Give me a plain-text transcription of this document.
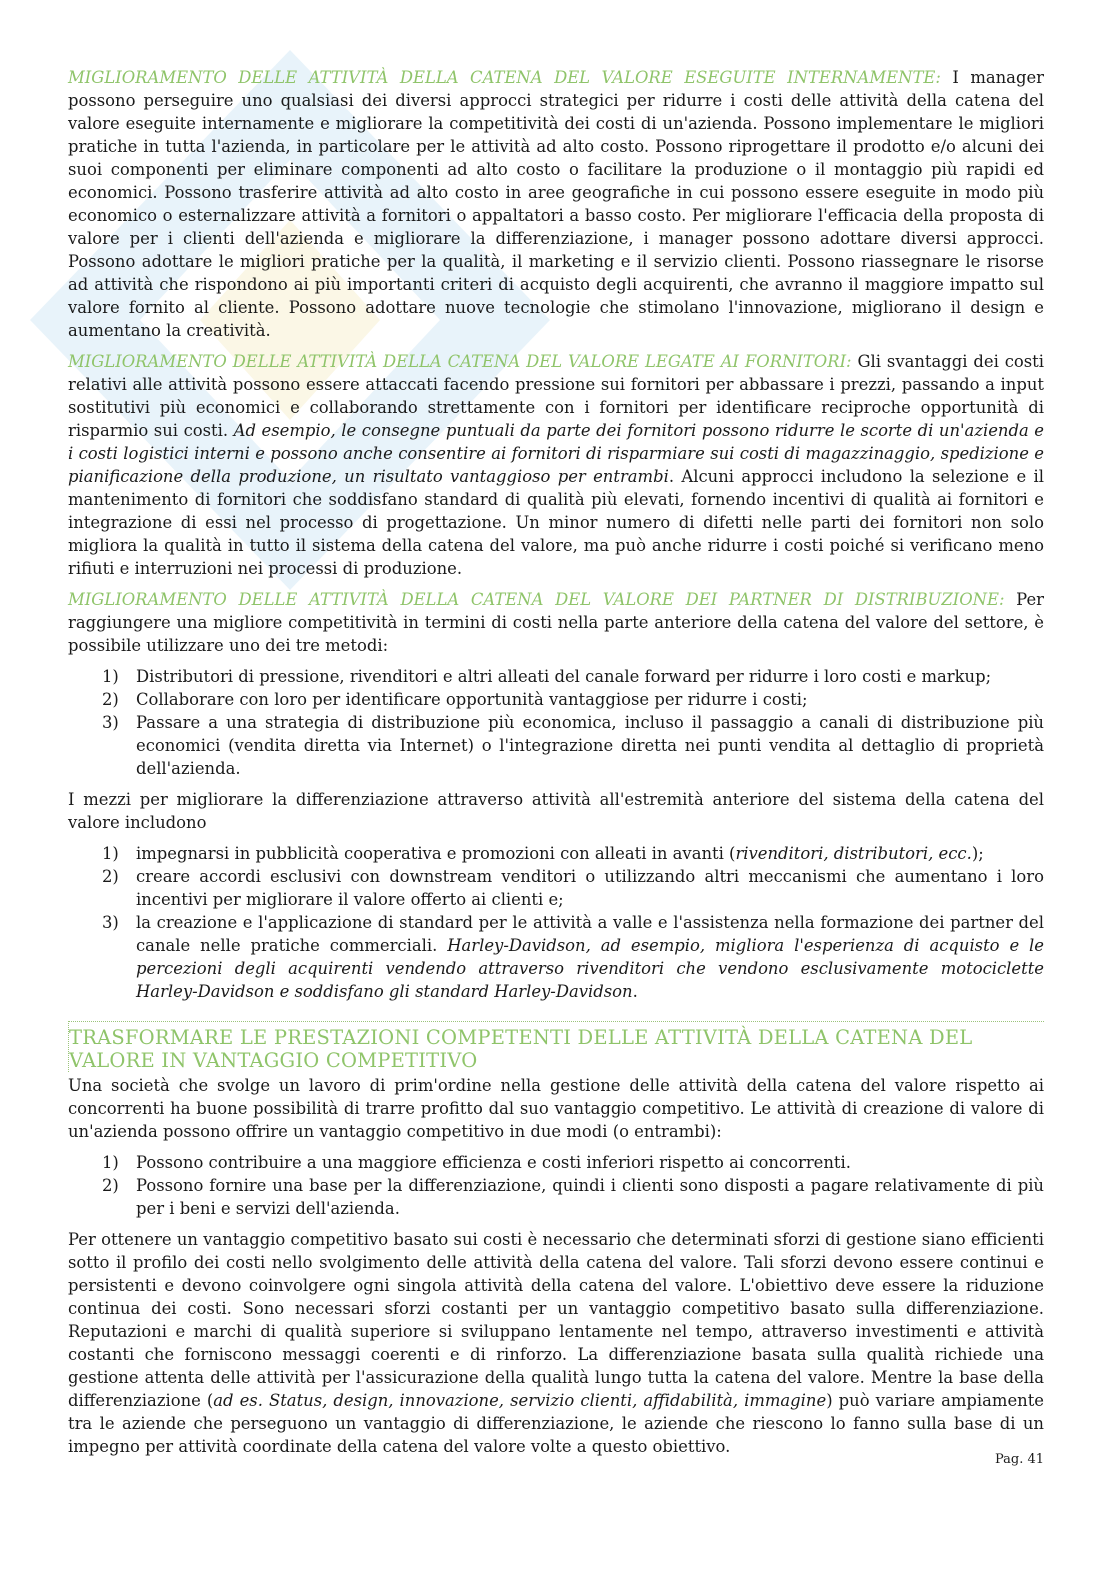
MIGLIORAMENTO DELLE ATTIVITÀ DELLA CATENA DEL VALORE ESEGUITE INTERNAMENTE: I manager possono perseguire uno qualsiasi dei diversi approcci strategici per ridurre i costi delle attività della catena del valore eseguite internamente e migliorare la competitività dei costi di un'azienda. Possono implementare le migliori pratiche in tutta l'azienda, in particolare per le attività ad alto costo. Possono riprogettare il prodotto e/o alcuni dei suoi componenti per eliminare componenti ad alto costo o facilitare la produzione o il montaggio più rapidi ed economici. Possono trasferire attività ad alto costo in aree geografiche in cui possono essere eseguite in modo più economico o esternalizzare attività a fornitori o appaltatori a basso costo. Per migliorare l'efficacia della proposta di valore per i clienti dell'azienda e migliorare la differenziazione, i manager possono adottare diversi approcci. Possono adottare le migliori pratiche per la qualità, il marketing e il servizio clienti. Possono riassegnare le risorse ad attività che rispondono ai più importanti criteri di acquisto degli acquirenti, che avranno il maggiore impatto sul valore fornito al cliente. Possono adottare nuove tecnologie che stimolano l'innovazione, migliorano il design e aumentano la creatività.

MIGLIORAMENTO DELLE ATTIVITÀ DELLA CATENA DEL VALORE LEGATE AI FORNITORI: Gli svantaggi dei costi relativi alle attività possono essere attaccati facendo pressione sui fornitori per abbassare i prezzi, passando a input sostitutivi più economici e collaborando strettamente con i fornitori per identificare reciproche opportunità di risparmio sui costi. Ad esempio, le consegne puntuali da parte dei fornitori possono ridurre le scorte di un'azienda e i costi logistici interni e possono anche consentire ai fornitori di risparmiare sui costi di magazzinaggio, spedizione e pianificazione della produzione, un risultato vantaggioso per entrambi. Alcuni approcci includono la selezione e il mantenimento di fornitori che soddisfano standard di qualità più elevati, fornendo incentivi di qualità ai fornitori e integrazione di essi nel processo di progettazione. Un minor numero di difetti nelle parti dei fornitori non solo migliora la qualità in tutto il sistema della catena del valore, ma può anche ridurre i costi poiché si verificano meno rifiuti e interruzioni nei processi di produzione.

MIGLIORAMENTO DELLE ATTIVITÀ DELLA CATENA DEL VALORE DEI PARTNER DI DISTRIBUZIONE: Per raggiungere una migliore competitività in termini di costi nella parte anteriore della catena del valore del settore, è possibile utilizzare uno dei tre metodi:

1) Distributori di pressione, rivenditori e altri alleati del canale forward per ridurre i loro costi e markup;
2) Collaborare con loro per identificare opportunità vantaggiose per ridurre i costi;
3) Passare a una strategia di distribuzione più economica, incluso il passaggio a canali di distribuzione più economici (vendita diretta via Internet) o l'integrazione diretta nei punti vendita al dettaglio di proprietà dell'azienda.

I mezzi per migliorare la differenziazione attraverso attività all'estremità anteriore del sistema della catena del valore includono

1) impegnarsi in pubblicità cooperativa e promozioni con alleati in avanti (rivenditori, distributori, ecc.);
2) creare accordi esclusivi con downstream venditori o utilizzando altri meccanismi che aumentano i loro incentivi per migliorare il valore offerto ai clienti e;
3) la creazione e l'applicazione di standard per le attività a valle e l'assistenza nella formazione dei partner del canale nelle pratiche commerciali. Harley-Davidson, ad esempio, migliora l'esperienza di acquisto e le percezioni degli acquirenti vendendo attraverso rivenditori che vendono esclusivamente motociclette Harley-Davidson e soddisfano gli standard Harley-Davidson.
TRASFORMARE LE PRESTAZIONI COMPETENTI DELLE ATTIVITÀ DELLA CATENA DEL VALORE IN VANTAGGIO COMPETITIVO

Una società che svolge un lavoro di prim'ordine nella gestione delle attività della catena del valore rispetto ai concorrenti ha buone possibilità di trarre profitto dal suo vantaggio competitivo. Le attività di creazione di valore di un'azienda possono offrire un vantaggio competitivo in due modi (o entrambi):

1) Possono contribuire a una maggiore efficienza e costi inferiori rispetto ai concorrenti.
2) Possono fornire una base per la differenziazione, quindi i clienti sono disposti a pagare relativamente di più per i beni e servizi dell'azienda.

Per ottenere un vantaggio competitivo basato sui costi è necessario che determinati sforzi di gestione siano efficienti sotto il profilo dei costi nello svolgimento delle attività della catena del valore. Tali sforzi devono essere continui e persistenti e devono coinvolgere ogni singola attività della catena del valore. L'obiettivo deve essere la riduzione continua dei costi. Sono necessari sforzi costanti per un vantaggio competitivo basato sulla differenziazione. Reputazioni e marchi di qualità superiore si sviluppano lentamente nel tempo, attraverso investimenti e attività costanti che forniscono messaggi coerenti e di rinforzo. La differenziazione basata sulla qualità richiede una gestione attenta delle attività per l'assicurazione della qualità lungo tutta la catena del valore. Mentre la base della differenziazione (ad es. Status, design, innovazione, servizio clienti, affidabilità, immagine) può variare ampiamente tra le aziende che perseguono un vantaggio di differenziazione, le aziende che riescono lo fanno sulla base di un impegno per attività coordinate della catena del valore volte a questo obiettivo.

Pag. 41
